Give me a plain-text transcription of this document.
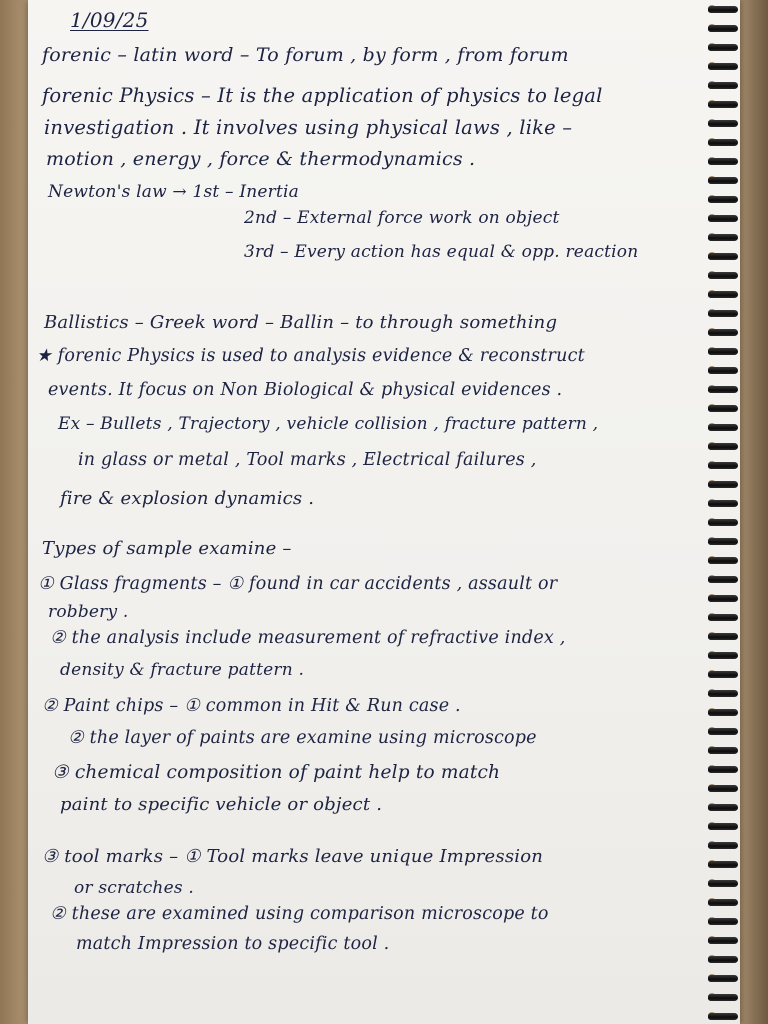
1/09/25
forenic – latin word – To forum , by form , from forum
forenic Physics – It is the application of physics to legal
investigation . It involves using physical laws , like –
motion , energy , force & thermodynamics .
Newton's law → 1st – Inertia
2nd – External force work on object
3rd – Every action has equal & opp. reaction
Ballistics – Greek word – Ballin – to through something
★ forenic Physics is used to analysis evidence & reconstruct
events. It focus on Non Biological & physical evidences .
Ex – Bullets , Trajectory , vehicle collision , fracture pattern ,
in glass or metal , Tool marks , Electrical failures ,
fire & explosion dynamics .
Types of sample examine –
① Glass fragments – ① found in car accidents , assault or
robbery .
② the analysis include measurement of refractive index ,
density & fracture pattern .
② Paint chips – ① common in Hit & Run case .
② the layer of paints are examine using microscope
③ chemical composition of paint help to match
paint to specific vehicle or object .
③ tool marks – ① Tool marks leave unique Impression
or scratches .
② these are examined using comparison microscope to
match Impression to specific tool .
